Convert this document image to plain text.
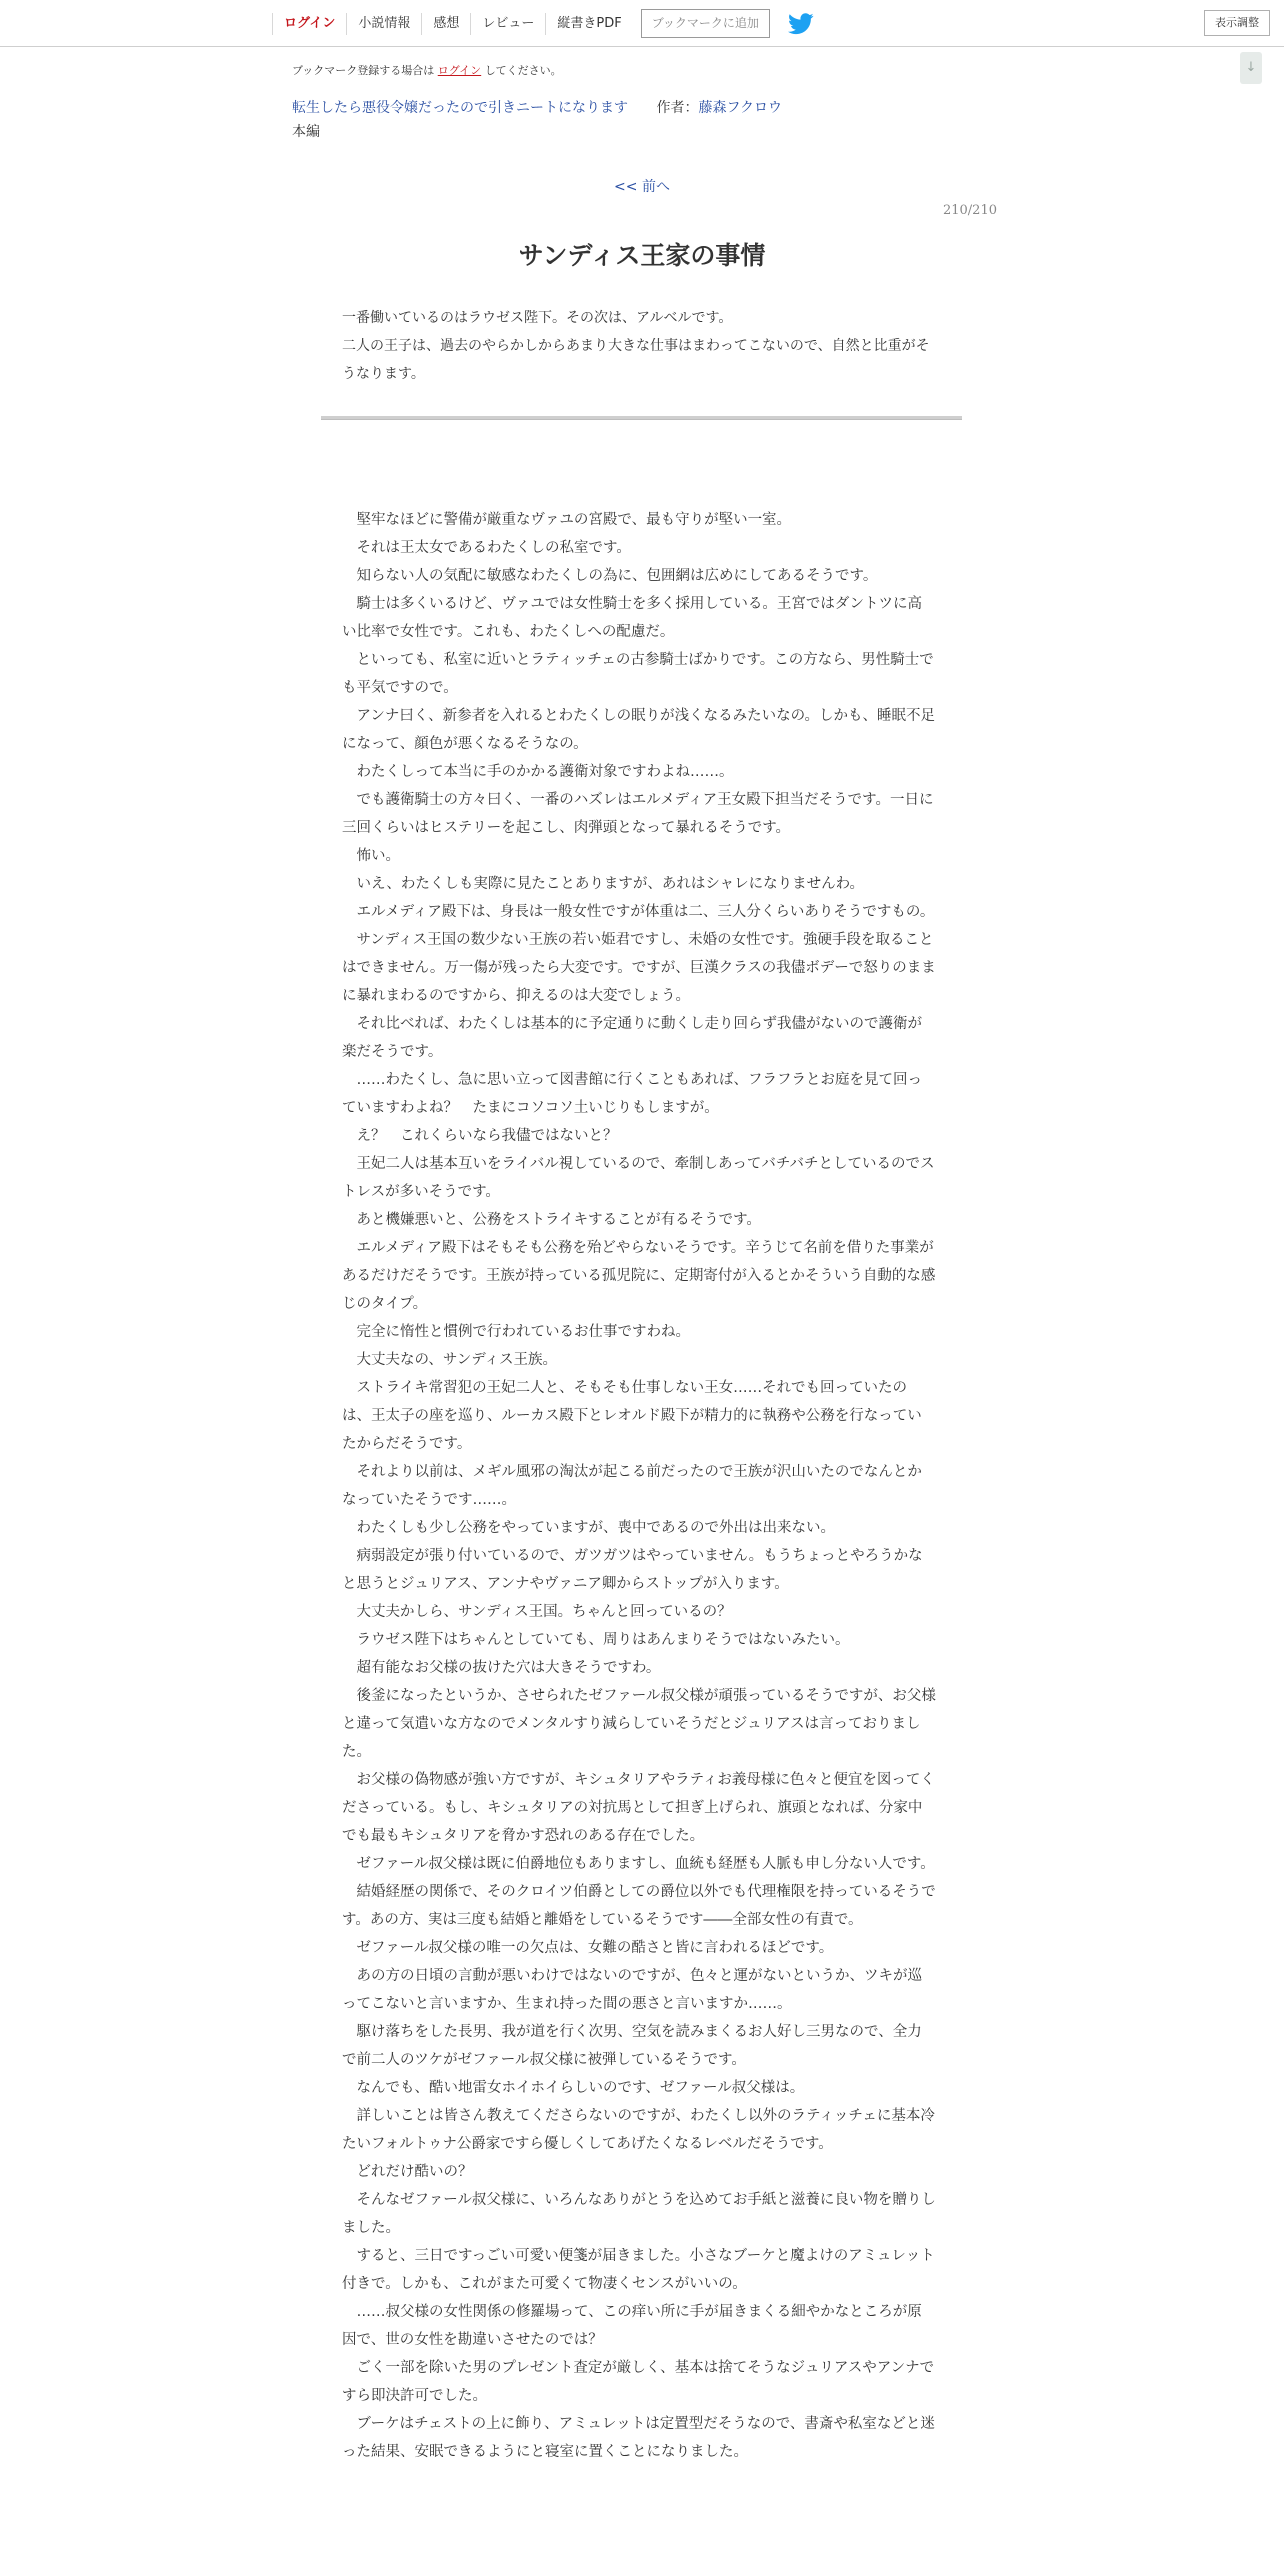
ログイン	小説情報	感想	レビュー	縦書きPDF	ブックマークに追加	表示調整
↓
ブックマーク登録する場合は ログイン してください。
転生したら悪役令嬢だったので引きニートになります 作者：藤森フクロウ
本編
<< 前へ
210/210
サンディス王家の事情
一番働いているのはラウゼス陛下。その次は、アルベルです。
二人の王子は、過去のやらかしからあまり大きな仕事はまわってこないので、自然と比重がそうなります。

堅牢なほどに警備が厳重なヴァユの宮殿で、最も守りが堅い一室。

それは王太女であるわたくしの私室です。

知らない人の気配に敏感なわたくしの為に、包囲網は広めにしてあるそうです。

騎士は多くいるけど、ヴァユでは女性騎士を多く採用している。王宮ではダントツに高い比率で女性です。これも、わたくしへの配慮だ。

といっても、私室に近いとラティッチェの古参騎士ばかりです。この方なら、男性騎士でも平気ですので。

アンナ曰く、新参者を入れるとわたくしの眠りが浅くなるみたいなの。しかも、睡眠不足になって、顔色が悪くなるそうなの。

わたくしって本当に手のかかる護衛対象ですわよね……。

でも護衛騎士の方々曰く、一番のハズレはエルメディア王女殿下担当だそうです。一日に三回くらいはヒステリーを起こし、肉弾頭となって暴れるそうです。

怖い。

いえ、わたくしも実際に見たことありますが、あれはシャレになりませんわ。

エルメディア殿下は、身長は一般女性ですが体重は二、三人分くらいありそうですもの。

サンディス王国の数少ない王族の若い姫君ですし、未婚の女性です。強硬手段を取ることはできません。万一傷が残ったら大変です。ですが、巨漢クラスの我儘ボデーで怒りのままに暴れまわるのですから、抑えるのは大変でしょう。

それ比べれば、わたくしは基本的に予定通りに動くし走り回らず我儘がないので護衛が楽だそうです。

……わたくし、急に思い立って図書館に行くこともあれば、フラフラとお庭を見て回っていますわよね？　たまにコソコソ土いじりもしますが。

え？　これくらいなら我儘ではないと？

王妃二人は基本互いをライバル視しているので、牽制しあってバチバチとしているのでストレスが多いそうです。

あと機嫌悪いと、公務をストライキすることが有るそうです。

エルメディア殿下はそもそも公務を殆どやらないそうです。辛うじて名前を借りた事業があるだけだそうです。王族が持っている孤児院に、定期寄付が入るとかそういう自動的な感じのタイプ。

完全に惰性と慣例で行われているお仕事ですわね。

大丈夫なの、サンディス王族。

ストライキ常習犯の王妃二人と、そもそも仕事しない王女……それでも回っていたのは、王太子の座を巡り、ルーカス殿下とレオルド殿下が精力的に執務や公務を行なっていたからだそうです。

それより以前は、メギル風邪の淘汰が起こる前だったので王族が沢山いたのでなんとかなっていたそうです……。

わたくしも少し公務をやっていますが、喪中であるので外出は出来ない。

病弱設定が張り付いているので、ガツガツはやっていません。もうちょっとやろうかなと思うとジュリアス、アンナやヴァニア卿からストップが入ります。

大丈夫かしら、サンディス王国。ちゃんと回っているの？

ラウゼス陛下はちゃんとしていても、周りはあんまりそうではないみたい。

超有能なお父様の抜けた穴は大きそうですわ。

後釜になったというか、させられたゼファール叔父様が頑張っているそうですが、お父様と違って気遣いな方なのでメンタルすり減らしていそうだとジュリアスは言っておりました。

お父様の偽物感が強い方ですが、キシュタリアやラティお義母様に色々と便宜を図ってくださっている。もし、キシュタリアの対抗馬として担ぎ上げられ、旗頭となれば、分家中でも最もキシュタリアを脅かす恐れのある存在でした。

ゼファール叔父様は既に伯爵地位もありますし、血統も経歴も人脈も申し分ない人です。

結婚経歴の関係で、そのクロイツ伯爵としての爵位以外でも代理権限を持っているそうです。あの方、実は三度も結婚と離婚をしているそうです――全部女性の有責で。

ゼファール叔父様の唯一の欠点は、女難の酷さと皆に言われるほどです。

あの方の日頃の言動が悪いわけではないのですが、色々と運がないというか、ツキが巡ってこないと言いますか、生まれ持った間の悪さと言いますか……。

駆け落ちをした長男、我が道を行く次男、空気を読みまくるお人好し三男なので、全力で前二人のツケがゼファール叔父様に被弾しているそうです。

なんでも、酷い地雷女ホイホイらしいのです、ゼファール叔父様は。

詳しいことは皆さん教えてくださらないのですが、わたくし以外のラティッチェに基本冷たいフォルトゥナ公爵家ですら優しくしてあげたくなるレベルだそうです。

どれだけ酷いの？

そんなゼファール叔父様に、いろんなありがとうを込めてお手紙と滋養に良い物を贈りしました。

すると、三日ですっごい可愛い便箋が届きました。小さなブーケと魔よけのアミュレット付きで。しかも、これがまた可愛くて物凄くセンスがいいの。

……叔父様の女性関係の修羅場って、この痒い所に手が届きまくる細やかなところが原因で、世の女性を勘違いさせたのでは？

ごく一部を除いた男のプレゼント査定が厳しく、基本は捨てそうなジュリアスやアンナですら即決許可でした。

ブーケはチェストの上に飾り、アミュレットは定置型だそうなので、書斎や私室などと迷った結果、安眠できるようにと寝室に置くことになりました。
